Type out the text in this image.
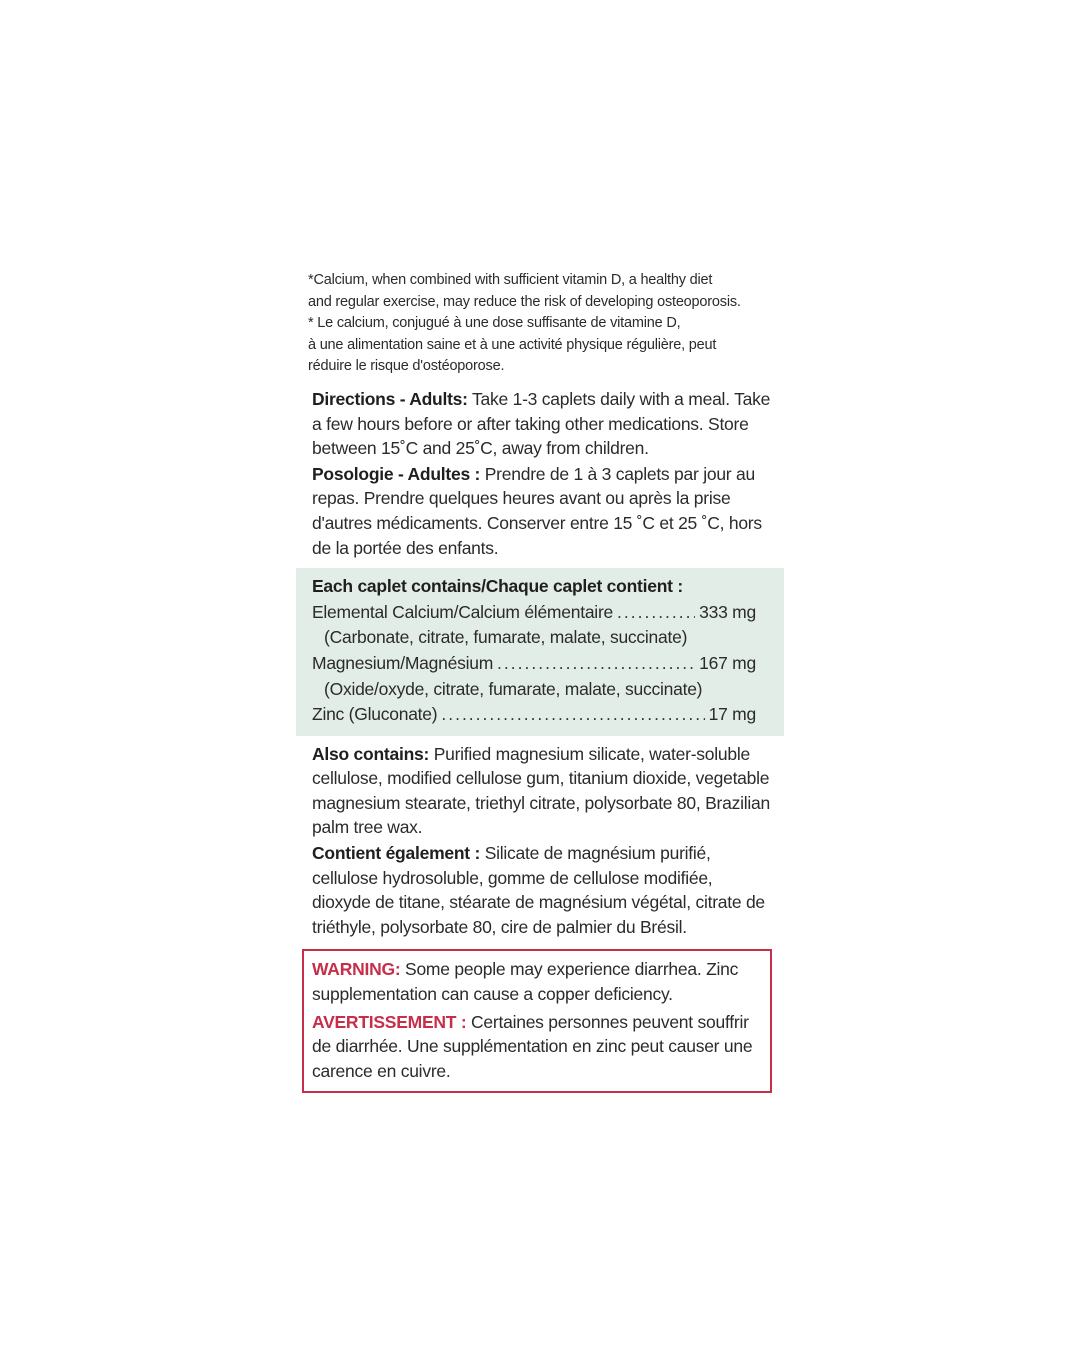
*Calcium, when combined with sufficient vitamin D, a healthy diet

and regular exercise, may reduce the risk of developing osteoporosis.

* Le calcium, conjugué à une dose suffisante de vitamine D,

à une alimentation saine et à une activité physique régulière, peut

réduire le risque d'ostéoporose.

Directions - Adults: Take 1-3 caplets daily with a meal. Take a few hours before or after taking other medications. Store between 15˚C and 25˚C, away from children.

Posologie - Adultes : Prendre de 1 à 3 caplets par jour au repas. Prendre quelques heures avant ou après la prise d'autres médicaments. Conserver entre 15 ˚C et 25 ˚C, hors de la portée des enfants.

Each caplet contains/Chaque caplet contient :
Elemental Calcium/Calcium élémentaire .....	333 mg
(Carbonate, citrate, fumarate, malate, succinate)
Magnesium/Magnésium .....	167 mg
(Oxide/oxyde, citrate, fumarate, malate, succinate)
Zinc (Gluconate) .....	17 mg

Also contains: Purified magnesium silicate, water-soluble cellulose, modified cellulose gum, titanium dioxide, vegetable magnesium stearate, triethyl citrate, polysorbate 80, Brazilian palm tree wax.

Contient également : Silicate de magnésium purifié, cellulose hydrosoluble, gomme de cellulose modifiée, dioxyde de titane, stéarate de magnésium végétal, citrate de triéthyle, polysorbate 80, cire de palmier du Brésil.

WARNING: Some people may experience diarrhea. Zinc supplementation can cause a copper deficiency.

AVERTISSEMENT : Certaines personnes peuvent souffrir de diarrhée. Une supplémentation en zinc peut causer une carence en cuivre.
